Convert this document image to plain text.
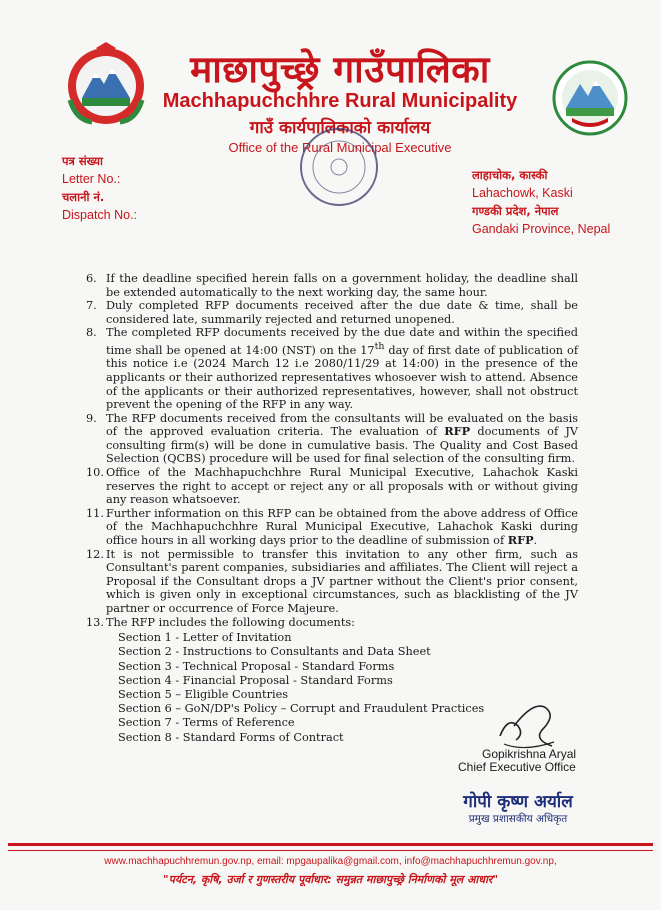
माछापुच्छ्रे गाउँपालिका
Machhapuchchhre Rural Municipality
गाउँ कार्यपालिकाको कार्यालय
Office of the Rural Municipal Executive
पत्र संख्या
Letter No.:
चलानी नं.
Dispatch No.:
लाहाचोक, कास्की
Lahachowk, Kaski
गण्डकी प्रदेश, नेपाल
Gandaki Province, Nepal
6. If the deadline specified herein falls on a government holiday, the deadline shall be extended automatically to the next working day, the same hour.
7. Duly completed RFP documents received after the due date & time, shall be considered late, summarily rejected and returned unopened.
8. The completed RFP documents received by the due date and within the specified time shall be opened at 14:00 (NST) on the 17th day of first date of publication of this notice i.e (2024 March 12 i.e 2080/11/29 at 14:00) in the presence of the applicants or their authorized representatives whosoever wish to attend. Absence of the applicants or their authorized representatives, however, shall not obstruct prevent the opening of the RFP in any way.
9. The RFP documents received from the consultants will be evaluated on the basis of the approved evaluation criteria. The evaluation of RFP documents of JV consulting firm(s) will be done in cumulative basis. The Quality and Cost Based Selection (QCBS) procedure will be used for final selection of the consulting firm.
10. Office of the Machhapuchchhre Rural Municipal Executive, Lahachok Kaski reserves the right to accept or reject any or all proposals with or without giving any reason whatsoever.
11. Further information on this RFP can be obtained from the above address of Office of the Machhapuchchhre Rural Municipal Executive, Lahachok Kaski during office hours in all working days prior to the deadline of submission of RFP.
12. It is not permissible to transfer this invitation to any other firm, such as Consultant's parent companies, subsidiaries and affiliates. The Client will reject a Proposal if the Consultant drops a JV partner without the Client's prior consent, which is given only in exceptional circumstances, such as blacklisting of the JV partner or occurrence of Force Majeure.
13. The RFP includes the following documents:
Section 1 - Letter of Invitation
Section 2 - Instructions to Consultants and Data Sheet
Section 3 - Technical Proposal - Standard Forms
Section 4 - Financial Proposal - Standard Forms
Section 5 – Eligible Countries
Section 6 – GoN/DP's Policy – Corrupt and Fraudulent Practices
Section 7 - Terms of Reference
Section 8 - Standard Forms of Contract
Gopikrishna Aryal
Chief Executive Office
गोपी कृष्ण अर्याल
प्रमुख प्रशासकीय अधिकृत
www.machhapuchhremun.gov.np, email: mpgaupalika@gmail.com, info@machhapuchhremun.gov.np,
"पर्यटन, कृषि, उर्जा र गुणस्तरीय पूर्वाधार: समुन्नत माछापुच्छ्रे निर्माणको मूल आधार"
